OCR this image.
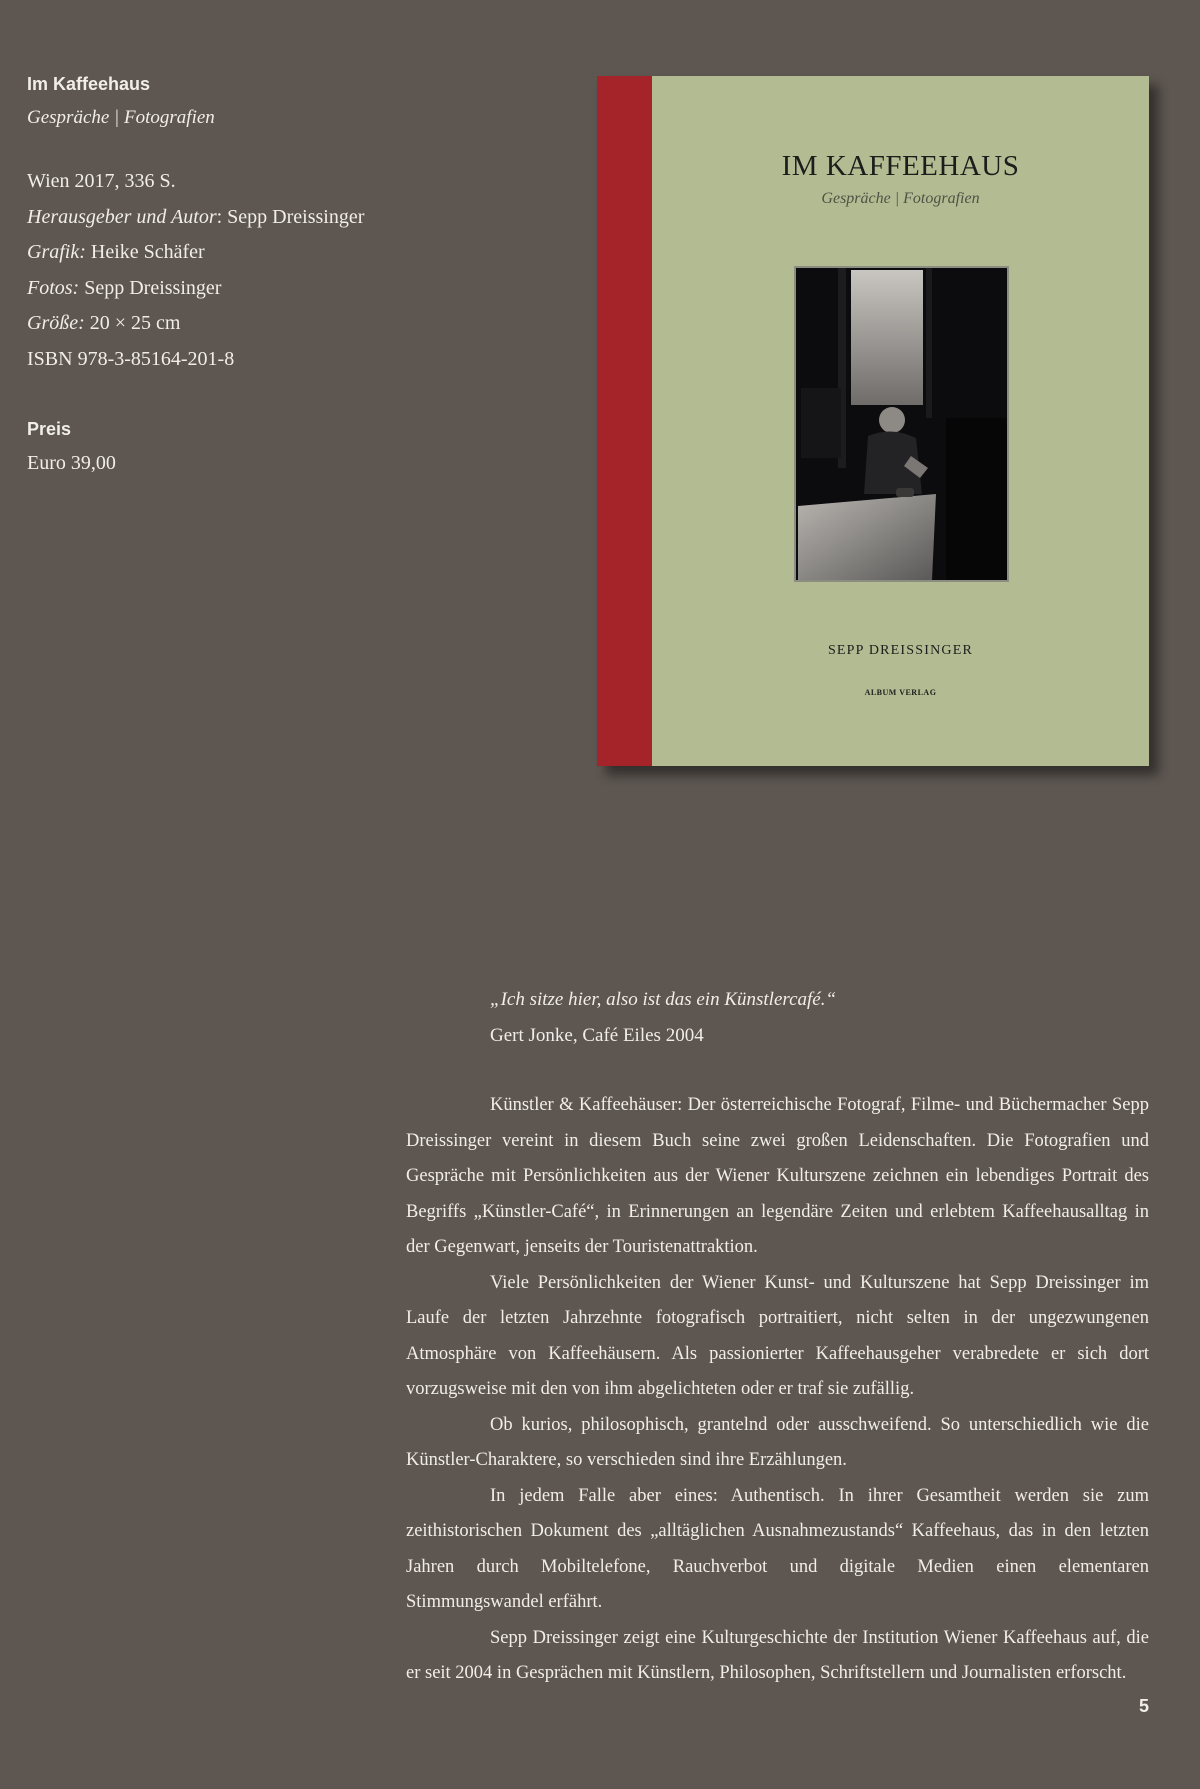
Im Kaffeehaus

Gespräche | Fotografien

Wien 2017, 336 S.

Herausgeber und Autor: Sepp Dreissinger

Grafik: Heike Schäfer

Fotos: Sepp Dreissinger

Größe: 20 × 25 cm

ISBN 978-3-85164-201-8

Preis

Euro 39,00

IM KAFFEEHAUS
Gespräche | Fotografien
SEPP DREISSINGER
ALBUM VERLAG

„Ich sitze hier, also ist das ein Künstlercafé.“

Gert Jonke, Café Eiles 2004

Künstler & Kaffeehäuser: Der österreichische Fotograf, Filme- und Büchermacher Sepp Dreissinger vereint in diesem Buch seine zwei großen Leidenschaften. Die Fotografien und Gespräche mit Persönlichkeiten aus der Wiener Kulturszene zeichnen ein lebendiges Portrait des Begriffs „Künstler-Café“, in Erinnerungen an legendäre Zeiten und erlebtem Kaffeehausalltag in der Gegenwart, jenseits der Touristenattraktion.

Viele Persönlichkeiten der Wiener Kunst- und Kulturszene hat Sepp Dreissinger im Laufe der letzten Jahrzehnte fotografisch portraitiert, nicht selten in der ungezwungenen Atmosphäre von Kaffeehäusern. Als passionierter Kaffeehausgeher verabredete er sich dort vorzugsweise mit den von ihm abgelichteten oder er traf sie zufällig.

Ob kurios, philosophisch, grantelnd oder ausschweifend. So unterschiedlich wie die Künstler-Charaktere, so verschieden sind ihre Erzählungen.

In jedem Falle aber eines: Authentisch. In ihrer Gesamtheit werden sie zum zeithistorischen Dokument des „alltäglichen Ausnahmezustands“ Kaffeehaus, das in den letzten Jahren durch Mobiltelefone, Rauchverbot und digitale Medien einen elementaren Stimmungswandel erfährt.

Sepp Dreissinger zeigt eine Kulturgeschichte der Institution Wiener Kaffeehaus auf, die er seit 2004 in Gesprächen mit Künstlern, Philosophen, Schriftstellern und Journalisten erforscht.

5
